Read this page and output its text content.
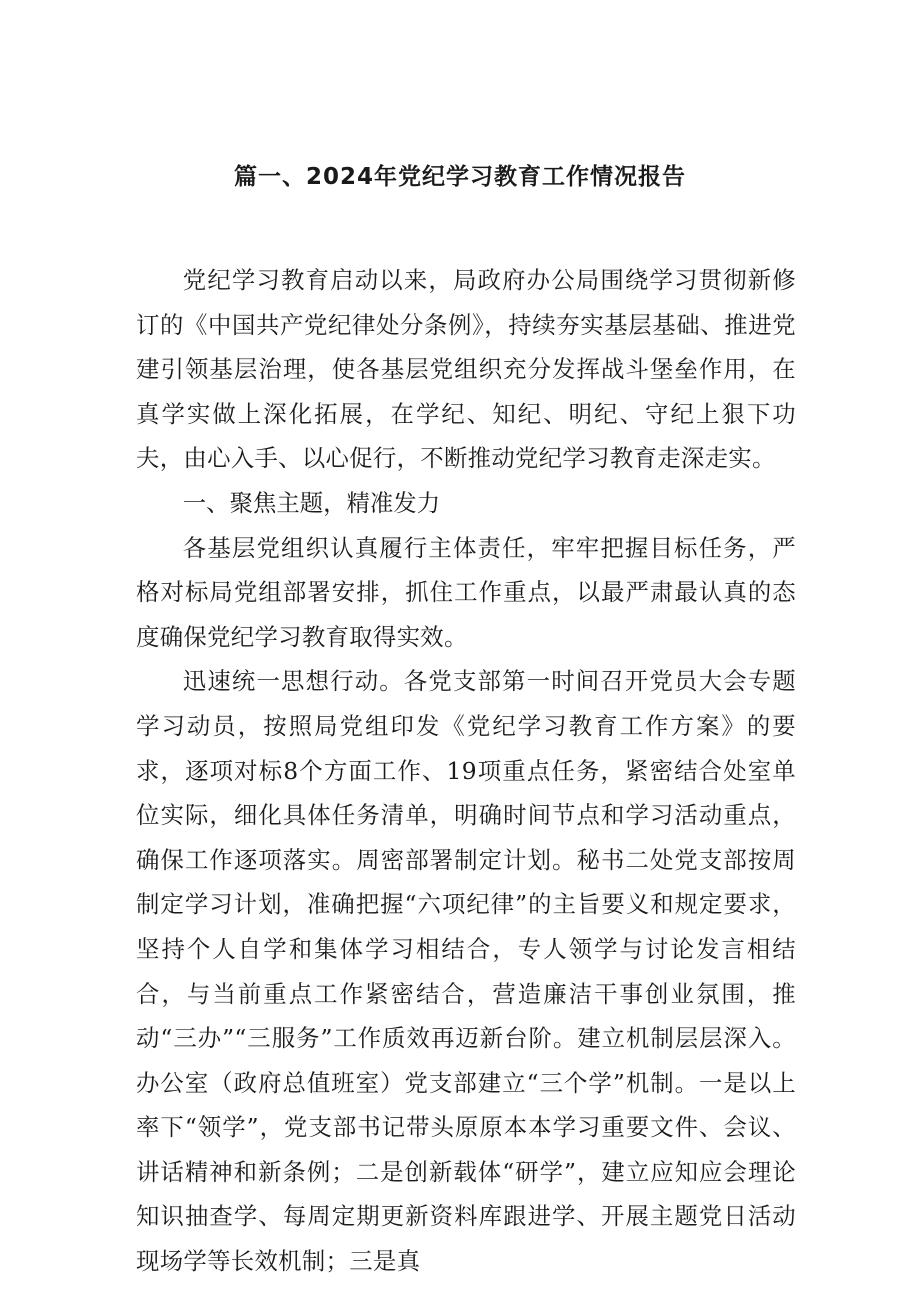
篇一、2024年党纪学习教育工作情况报告

党纪学习教育启动以来，局政府办公局围绕学习贯彻新修订的《中国共产党纪律处分条例》，持续夯实基层基础、推进党建引领基层治理，使各基层党组织充分发挥战斗堡垒作用，在真学实做上深化拓展，在学纪、知纪、明纪、守纪上狠下功夫，由心入手、以心促行，不断推动党纪学习教育走深走实。

一、聚焦主题，精准发力

各基层党组织认真履行主体责任，牢牢把握目标任务，严格对标局党组部署安排，抓住工作重点，以最严肃最认真的态度确保党纪学习教育取得实效。

迅速统一思想行动。各党支部第一时间召开党员大会专题学习动员，按照局党组印发《党纪学习教育工作方案》的要求，逐项对标8个方面工作、19项重点任务，紧密结合处室单位实际，细化具体任务清单，明确时间节点和学习活动重点，确保工作逐项落实。周密部署制定计划。秘书二处党支部按周制定学习计划，准确把握“六项纪律”的主旨要义和规定要求，坚持个人自学和集体学习相结合，专人领学与讨论发言相结合，与当前重点工作紧密结合，营造廉洁干事创业氛围，推动“三办”“三服务”工作质效再迈新台阶。建立机制层层深入。办公室（政府总值班室）党支部建立“三个学”机制。一是以上率下“领学”，党支部书记带头原原本本学习重要文件、会议、讲话精神和新条例；二是创新载体“研学”，建立应知应会理论知识抽查学、每周定期更新资料库跟进学、开展主题党日活动现场学等长效机制；三是真
